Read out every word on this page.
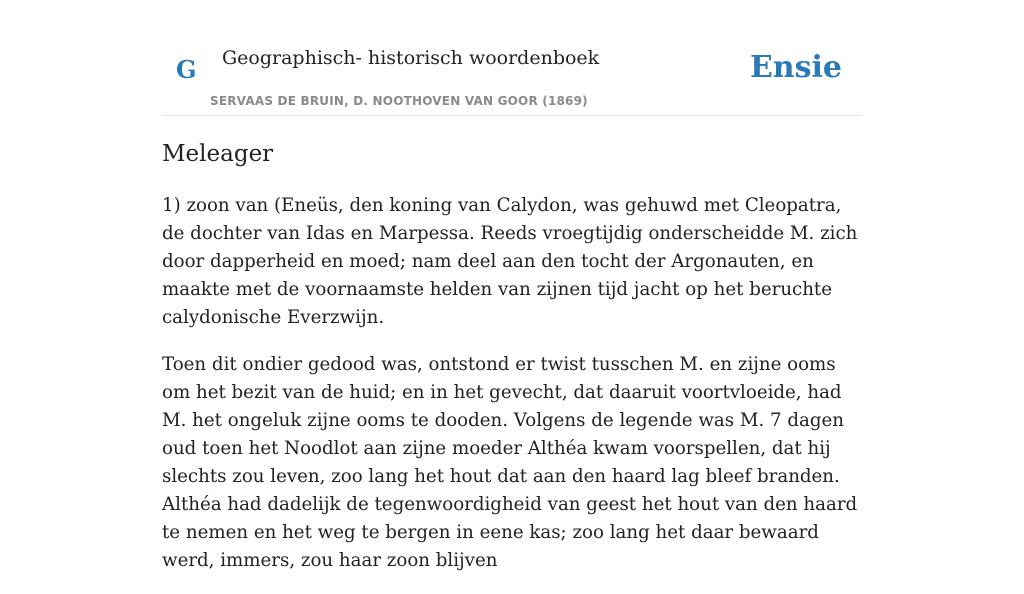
G Geographisch- historisch woordenboek
SERVAAS DE BRUIN, D. NOOTHOVEN VAN GOOR (1869)
Ensie
Meleager

1) zoon van (Eneüs, den koning van Calydon, was gehuwd met Cleopatra, de dochter van Idas en Marpessa. Reeds vroegtijdig onderscheidde M. zich door dapperheid en moed; nam deel aan den tocht der Argonauten, en maakte met de voornaamste helden van zijnen tijd jacht op het beruchte calydonische Everzwijn.

Toen dit ondier gedood was, ontstond er twist tusschen M. en zijne ooms om het bezit van de huid; en in het gevecht, dat daaruit voortvloeide, had M. het ongeluk zijne ooms te dooden. Volgens de legende was M. 7 dagen oud toen het Noodlot aan zijne moeder Althéa kwam voorspellen, dat hij slechts zou leven, zoo lang het hout dat aan den haard lag bleef branden. Althéa had dadelijk de tegenwoordigheid van geest het hout van den haard te nemen en het weg te bergen in eene kas; zoo lang het daar bewaard werd, immers, zou haar zoon blijven
